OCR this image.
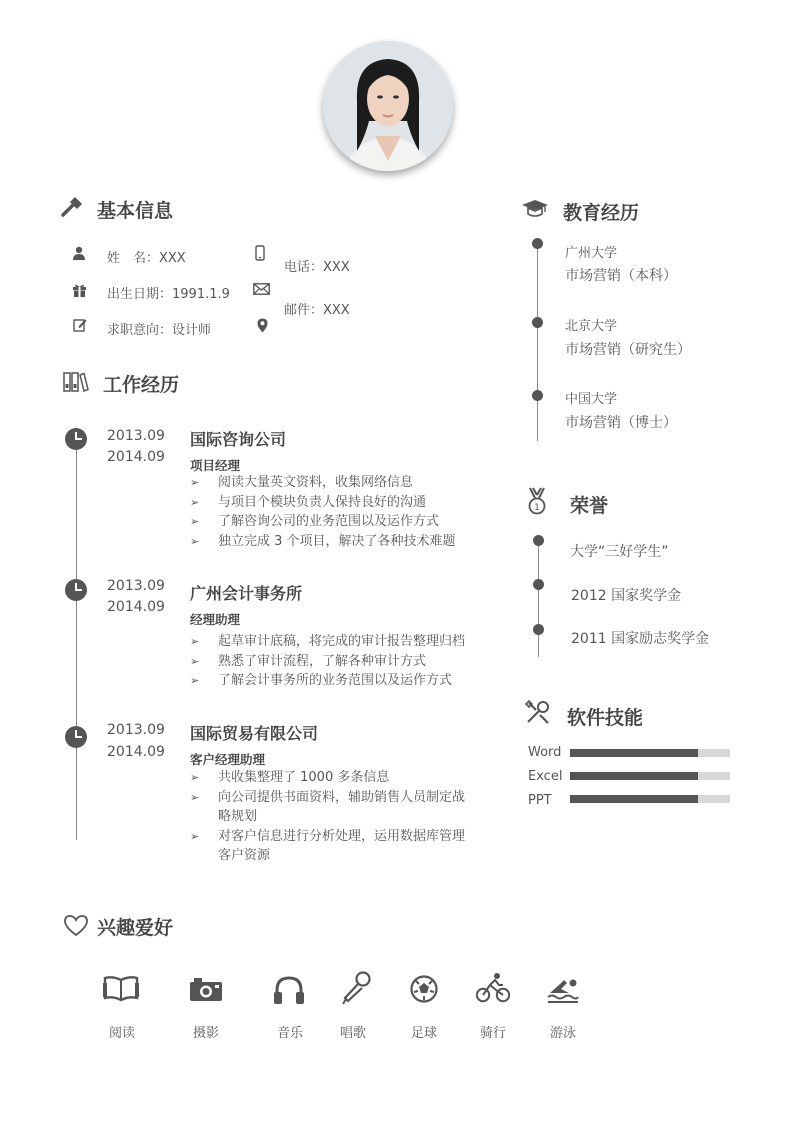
基本信息
姓　名：XXX
出生日期：1991.1.9
求职意向：设计师
电话：XXX
邮件：XXX
工作经历
2013.09
2014.09
国际咨询公司
项目经理
➢ 阅读大量英文资料，收集网络信息
➢ 与项目个模块负责人保持良好的沟通
➢ 了解咨询公司的业务范围以及运作方式
➢ 独立完成 3 个项目，解决了各种技术难题
2013.09
2014.09
广州会计事务所
经理助理
➢ 起草审计底稿，将完成的审计报告整理归档
➢ 熟悉了审计流程，了解各种审计方式
➢ 了解会计事务所的业务范围以及运作方式
2013.09
2014.09
国际贸易有限公司
客户经理助理
➢ 共收集整理了 1000 多条信息
➢ 向公司提供书面资料，辅助销售人员制定战略规划
➢ 对客户信息进行分析处理，运用数据库管理客户资源
教育经历
广州大学
市场营销（本科）
北京大学
市场营销（研究生）
中国大学
市场营销（博士）
1 荣誉
大学“三好学生”
2012 国家奖学金
2011 国家励志奖学金
软件技能
Word
Excel
PPT
兴趣爱好
阅读	摄影	音乐	唱歌	足球	骑行	游泳
